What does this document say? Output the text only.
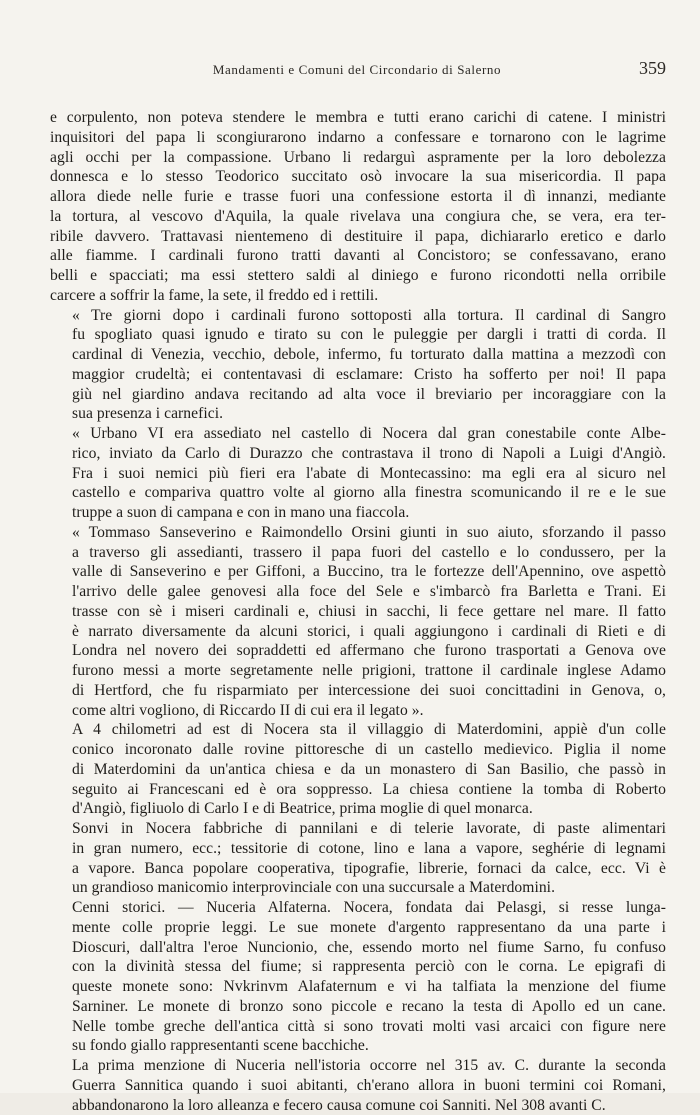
Mandamenti e Comuni del Circondario di Salerno	359

e corpulento, non poteva stendere le membra e tutti erano carichi di catene. I ministri
inquisitori del papa li scongiurarono indarno a confessare e tornarono con le lagrime
agli occhi per la compassione. Urbano li redarguì aspramente per la loro debolezza
donnesca e lo stesso Teodorico succitato osò invocare la sua misericordia. Il papa
allora diede nelle furie e trasse fuori una confessione estorta il dì innanzi, mediante
la tortura, al vescovo d'Aquila, la quale rivelava una congiura che, se vera, era ter-
ribile davvero. Trattavasi nientemeno di destituire il papa, dichiararlo eretico e darlo
alle fiamme. I cardinali furono tratti davanti al Concistoro; se confessavano, erano
belli e spacciati; ma essi stettero saldi al diniego e furono ricondotti nella orribile
carcere a soffrir la fame, la sete, il freddo ed i rettili.

« Tre giorni dopo i cardinali furono sottoposti alla tortura. Il cardinal di Sangro
fu spogliato quasi ignudo e tirato su con le puleggie per dargli i tratti di corda. Il
cardinal di Venezia, vecchio, debole, infermo, fu torturato dalla mattina a mezzodì con
maggior crudeltà; ei contentavasi di esclamare: Cristo ha sofferto per noi! Il papa
giù nel giardino andava recitando ad alta voce il breviario per incoraggiare con la
sua presenza i carnefici.

« Urbano VI era assediato nel castello di Nocera dal gran conestabile conte Albe-
rico, inviato da Carlo di Durazzo che contrastava il trono di Napoli a Luigi d'Angiò.
Fra i suoi nemici più fieri era l'abate di Montecassino: ma egli era al sicuro nel
castello e compariva quattro volte al giorno alla finestra scomunicando il re e le sue
truppe a suon di campana e con in mano una fiaccola.

« Tommaso Sanseverino e Raimondello Orsini giunti in suo aiuto, sforzando il passo
a traverso gli assedianti, trassero il papa fuori del castello e lo condussero, per la
valle di Sanseverino e per Giffoni, a Buccino, tra le fortezze dell'Apennino, ove aspettò
l'arrivo delle galee genovesi alla foce del Sele e s'imbarcò fra Barletta e Trani. Ei
trasse con sè i miseri cardinali e, chiusi in sacchi, li fece gettare nel mare. Il fatto
è narrato diversamente da alcuni storici, i quali aggiungono i cardinali di Rieti e di
Londra nel novero dei sopraddetti ed affermano che furono trasportati a Genova ove
furono messi a morte segretamente nelle prigioni, trattone il cardinale inglese Adamo
di Hertford, che fu risparmiato per intercessione dei suoi concittadini in Genova, o,
come altri vogliono, di Riccardo II di cui era il legato ».

A 4 chilometri ad est di Nocera sta il villaggio di Materdomini, appiè d'un colle
conico incoronato dalle rovine pittoresche di un castello medievico. Piglia il nome
di Materdomini da un'antica chiesa e da un monastero di San Basilio, che passò in
seguito ai Francescani ed è ora soppresso. La chiesa contiene la tomba di Roberto
d'Angiò, figliuolo di Carlo I e di Beatrice, prima moglie di quel monarca.

Sonvi in Nocera fabbriche di pannilani e di telerie lavorate, di paste alimentari
in gran numero, ecc.; tessitorie di cotone, lino e lana a vapore, seghérie di legnami
a vapore. Banca popolare cooperativa, tipografie, librerie, fornaci da calce, ecc. Vi è
un grandioso manicomio interprovinciale con una succursale a Materdomini.

Cenni storici. — Nuceria Alfaterna. Nocera, fondata dai Pelasgi, si resse lunga-
mente colle proprie leggi. Le sue monete d'argento rappresentano da una parte i
Dioscuri, dall'altra l'eroe Nuncionio, che, essendo morto nel fiume Sarno, fu confuso
con la divinità stessa del fiume; si rappresenta perciò con le corna. Le epigrafi di
queste monete sono: Nvkrinvm Alafaternum e vi ha talfiata la menzione del fiume
Sarniner. Le monete di bronzo sono piccole e recano la testa di Apollo ed un cane.
Nelle tombe greche dell'antica città si sono trovati molti vasi arcaici con figure nere
su fondo giallo rappresentanti scene bacchiche.

La prima menzione di Nuceria nell'istoria occorre nel 315 av. C. durante la seconda
Guerra Sannitica quando i suoi abitanti, ch'erano allora in buoni termini coi Romani,
abbandonarono la loro alleanza e fecero causa comune coi Sanniti. Nel 308 avanti C.
